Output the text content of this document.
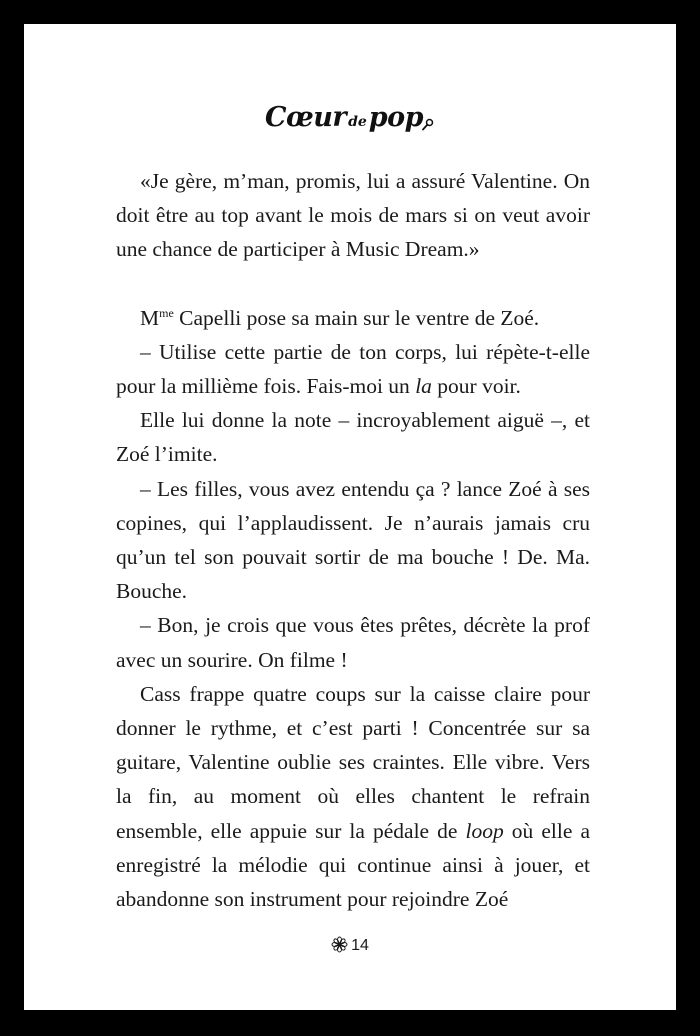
Cœur depop

«Je gère, m’man, promis, lui a assuré Valentine. On doit être au top avant le mois de mars si on veut avoir une chance de participer à Music Dream.»

$M^{me}$ Capelli pose sa main sur le ventre de Zoé.

– Utilise cette partie de ton corps, lui répète-t-elle pour la millième fois. Fais-moi un la pour voir.

Elle lui donne la note – incroyablement aiguë –, et Zoé l’imite.

– Les filles, vous avez entendu ça ? lance Zoé à ses copines, qui l’applaudissent. Je n’aurais jamais cru qu’un tel son pouvait sortir de ma bouche ! De. Ma. Bouche.

– Bon, je crois que vous êtes prêtes, décrète la prof avec un sourire. On filme !

Cass frappe quatre coups sur la caisse claire pour donner le rythme, et c’est parti ! Concentrée sur sa guitare, Valentine oublie ses craintes. Elle vibre. Vers la fin, au moment où elles chantent le refrain ensemble, elle appuie sur la pédale de loop où elle a enregistré la mélodie qui continue ainsi à jouer, et abandonne son instrument pour rejoindre Zoé

14
